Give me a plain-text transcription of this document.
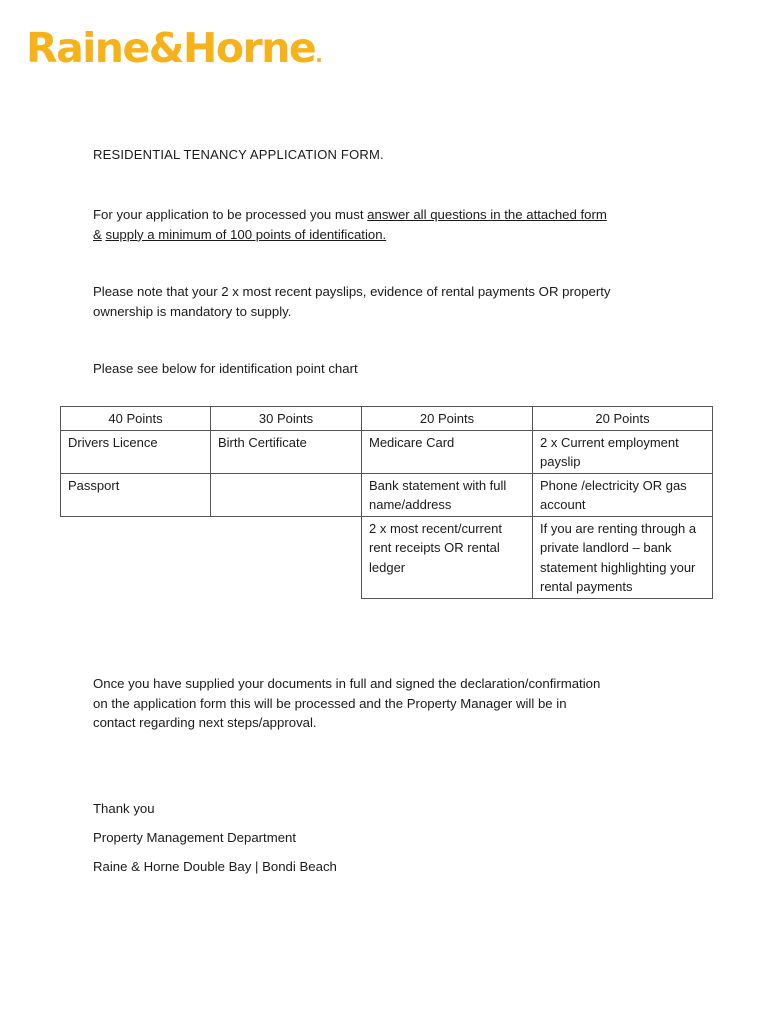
Raine&Horne.
RESIDENTIAL TENANCY APPLICATION FORM.

For your application to be processed you must answer all questions in the attached form
& supply a minimum of 100 points of identification.

Please note that your 2 x most recent payslips, evidence of rental payments OR property
ownership is mandatory to supply.

Please see below for identification point chart

40 Points	30 Points	20 Points	20 Points
Drivers Licence	Birth Certificate	Medicare Card	2 x Current employment payslip
Passport		Bank statement with full name/address	Phone /electricity OR gas account
		2 x most recent/current rent receipts OR rental ledger	If you are renting through a private landlord – bank statement highlighting your rental payments

Once you have supplied your documents in full and signed the declaration/confirmation
on the application form this will be processed and the Property Manager will be in
contact regarding next steps/approval.

Thank you

Property Management Department

Raine & Horne Double Bay | Bondi Beach
